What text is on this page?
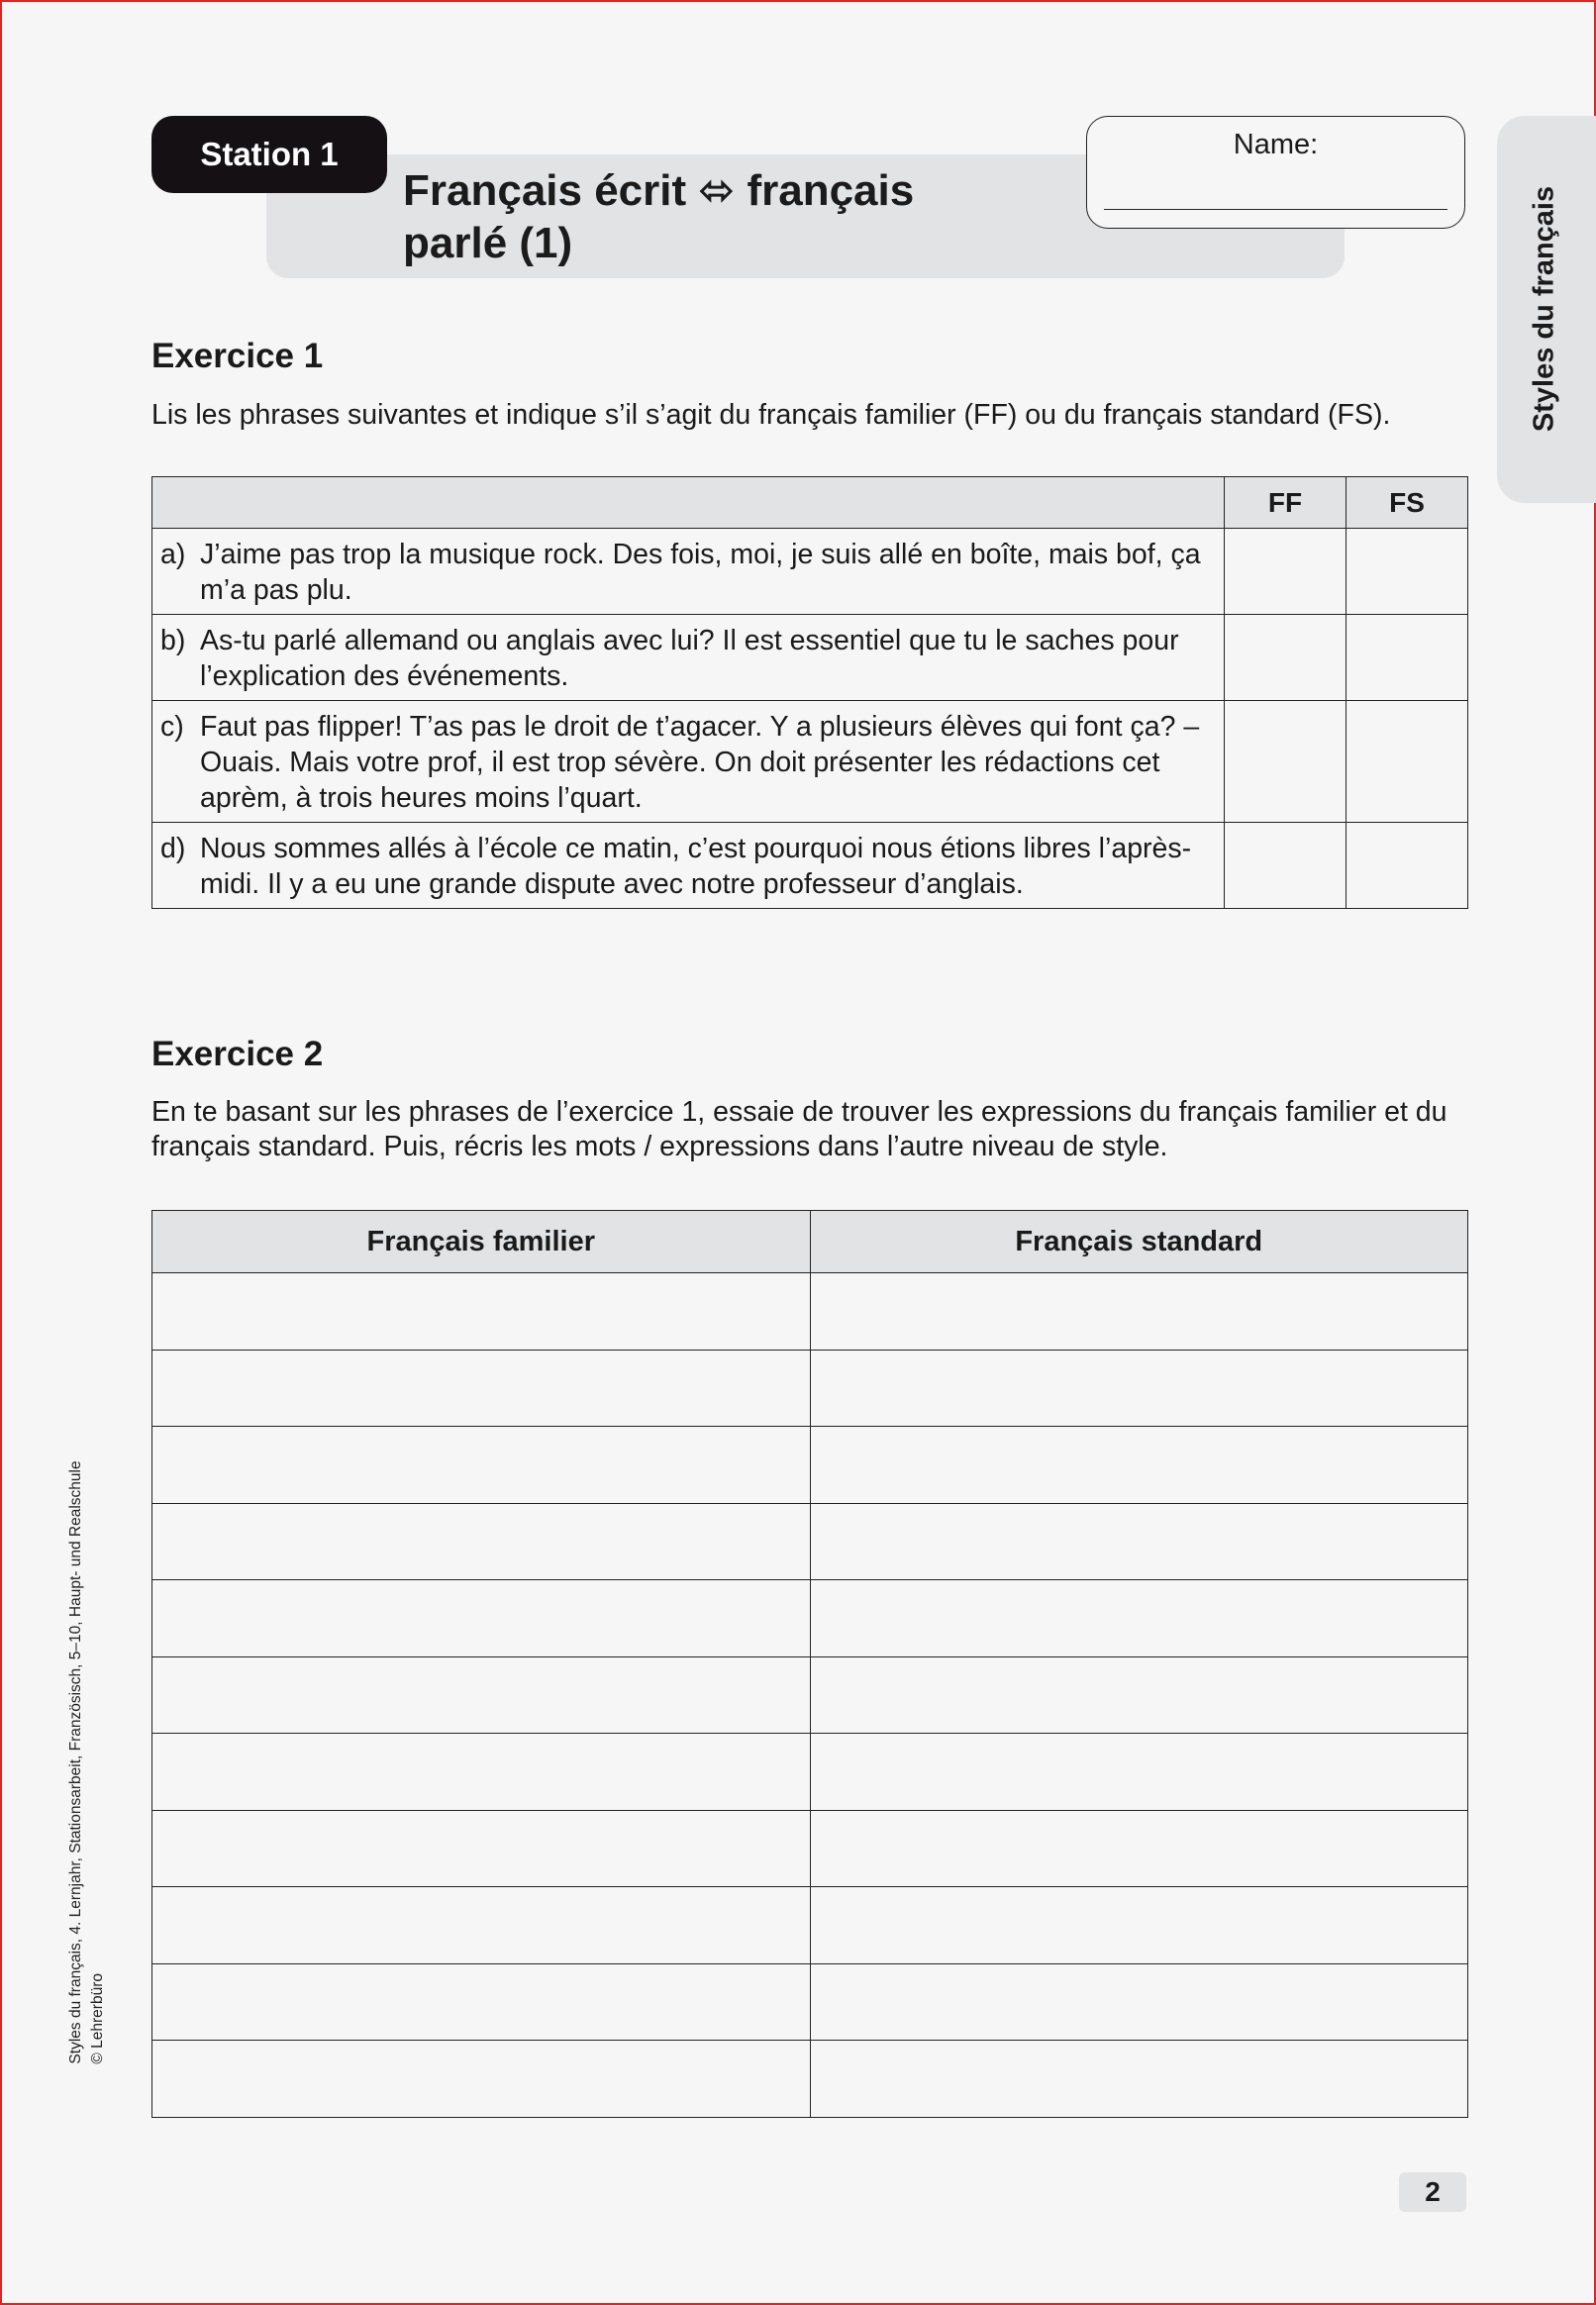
Station 1
Français écrit ⬄ français
parlé (1)
Name:
Styles du français
Exercice 1
Lis les phrases suivantes et indique s’il s’agit du français familier (FF) ou du français standard (FS).
	FF	FS

a) J’aime pas trop la musique rock. Des fois, moi, je suis allé en boîte, mais bof, ça m’a pas plu.		

b) As-tu parlé allemand ou anglais avec lui? Il est essentiel que tu le saches pour l’explication des événements.		

c) Faut pas flipper! T’as pas le droit de t’agacer. Y a plusieurs élèves qui font ça? – Ouais. Mais votre prof, il est trop sévère. On doit présenter les rédactions cet aprèm, à trois heures moins l’quart.		

d) Nous sommes allés à l’école ce matin, c’est pourquoi nous étions libres l’après-midi. Il y a eu une grande dispute avec notre professeur d’anglais.		

Exercice 2
En te basant sur les phrases de l’exercice 1, essaie de trouver les expressions du français familier et du français standard. Puis, récris les mots / expressions dans l’autre niveau de style.
Français familier	Français standard

Styles du français, 4. Lernjahr, Stationsarbeit, Französisch, 5–10, Haupt- und Realschule © Lehrerbüro
2
